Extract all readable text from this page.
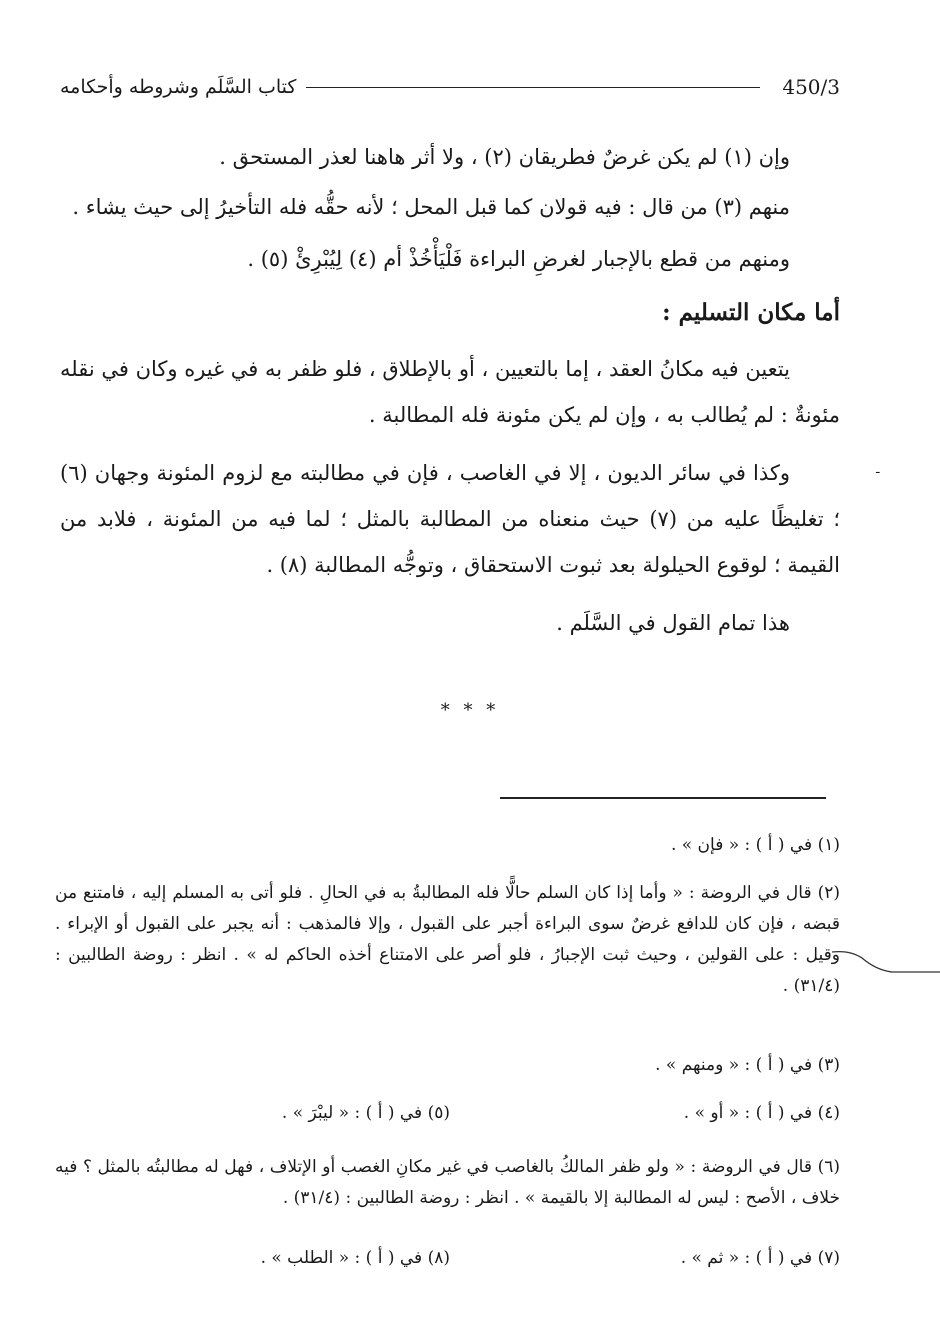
كتاب السَّلَم وشروطه وأحكامه	450/3

وإن (١) لم يكن غرضٌ فطريقان (٢) ، ولا أثر هاهنا لعذر المستحق .

منهم (٣) من قال : فيه قولان كما قبل المحل ؛ لأنه حقُّه فله التأخيرُ إلى حيث يشاء .

ومنهم من قطع بالإجبار لغرضِ البراءة فَلْيَأْخُذْ أم (٤) لِيُبْرِئْ (٥) .

أما مكان التسليم :

يتعين فيه مكانُ العقد ، إما بالتعيين ، أو بالإطلاق ، فلو ظفر به في غيره وكان في نقله مئونةٌ : لم يُطالب به ، وإن لم يكن مئونة فله المطالبة .

وكذا في سائر الديون ، إلا في الغاصب ، فإن في مطالبته مع لزوم المئونة وجهان (٦) ؛ تغليظًا عليه من (٧) حيث منعناه من المطالبة بالمثل ؛ لما فيه من المئونة ، فلابد من القيمة ؛ لوقوع الحيلولة بعد ثبوت الاستحقاق ، وتوجُّه المطالبة (٨) .

هذا تمام القول في السَّلَم .

* * *
(١) في ( أ ) : « فإن » .
(٢) قال في الروضة : « وأما إذا كان السلم حالًّا فله المطالبةُ به في الحالِ . فلو أتى به المسلم إليه ، فامتنع من قبضه ، فإن كان للدافع غرضٌ سوى البراءة أجبر على القبول ، وإلا فالمذهب : أنه يجبر على القبول أو الإبراء . وقيل : على القولين ، وحيث ثبت الإجبارُ ، فلو أصر على الامتناع أخذه الحاكم له » . انظر : روضة الطالبين : (٣١/٤) .
(٣) في ( أ ) : « ومنهم » .
(٤) في ( أ ) : « أو » .
(٥) في ( أ ) : « ليبْرَ » .
(٦) قال في الروضة : « ولو ظفر المالكُ بالغاصب في غير مكانِ الغصب أو الإتلاف ، فهل له مطالبتُه بالمثل ؟ فيه خلاف ، الأصح : ليس له المطالبة إلا بالقيمة » . انظر : روضة الطالبين : (٣١/٤) .
(٧) في ( أ ) : « ثم » .
(٨) في ( أ ) : « الطلب » .
ـ
